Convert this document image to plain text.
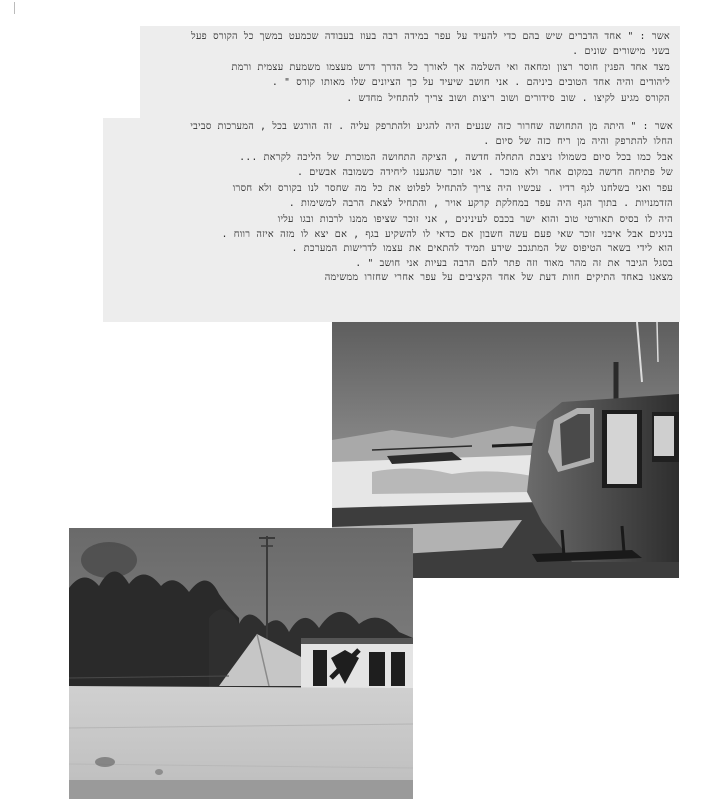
אשר : " אחד הדברים שיש בהם כדי להעיד על עפר במידה רבה בעוז בעבודה שכמעט במשך כל הקורס פעל
בשני מישורים שונים .
מצד אחד הפגין חוסר רצון ומחאה ואי השלמה אך לאורך כל הדרך דרש מעצמו משמעת עצמית ורמת
ליהודים והיה אחד הטובים ביניהם . אני חושב שיעיד על כך הציונים שלו מאותו קורס " .
הקורס מגיע לקיצו . שוב סידורים ושוב ריצות ושוב צריך להתחיל מחדש .
אשר : " היתה מן התחושה שחרור כזה שנעים היה להגיע ולהתרפק עליה . זה הורגש בכל , המערכות סביבי
החלו להתרפק והיה מן ריח כזה של סיום .
אבל כמו בכל סיום כשמולו ניצבת התחלה חדשה , הציקה התחושה המוכרת של הליכה לקראת ...
של פתיחה חדשה במקום אחר ולא מוכר . אני זוכר שהגענו ליחידה כשמובה אבשים .
עפר ואני בשלחנו לגף רדיו . עכשיו היה צריך להתחיל לפלוט את כל מה שחסר לנו בקורס ולא חסרו
הזדמנויות . בתוך הגף היה עפר במחלקת קרקע אויר , והתחיל לצאת הרבה למשימות .
היה לו בסיס תאורטי טוב והוא ישר בכבס לעינינים , אני זוכר שציפו ממנו לרבות ובגו עליו
בניגים אבל איבני זוכר שאי פעם עשה חשבון אם כדאי לו להשקיע בגף , אם יצא לו מזה איזה רווח .
הוא לידי בשאר הטיפוס של המתגבב שידע תמיד להתאים את עצמו לדרישות המערכת .
בסגל הגיבר את זה מהר מאוד וזה פתר להם הרבה בעיות אני חושב " .
מצאנו באחד התיקים חוות דעת של אחד הקציבים על עפר אחרי שחזרו ממשימה
